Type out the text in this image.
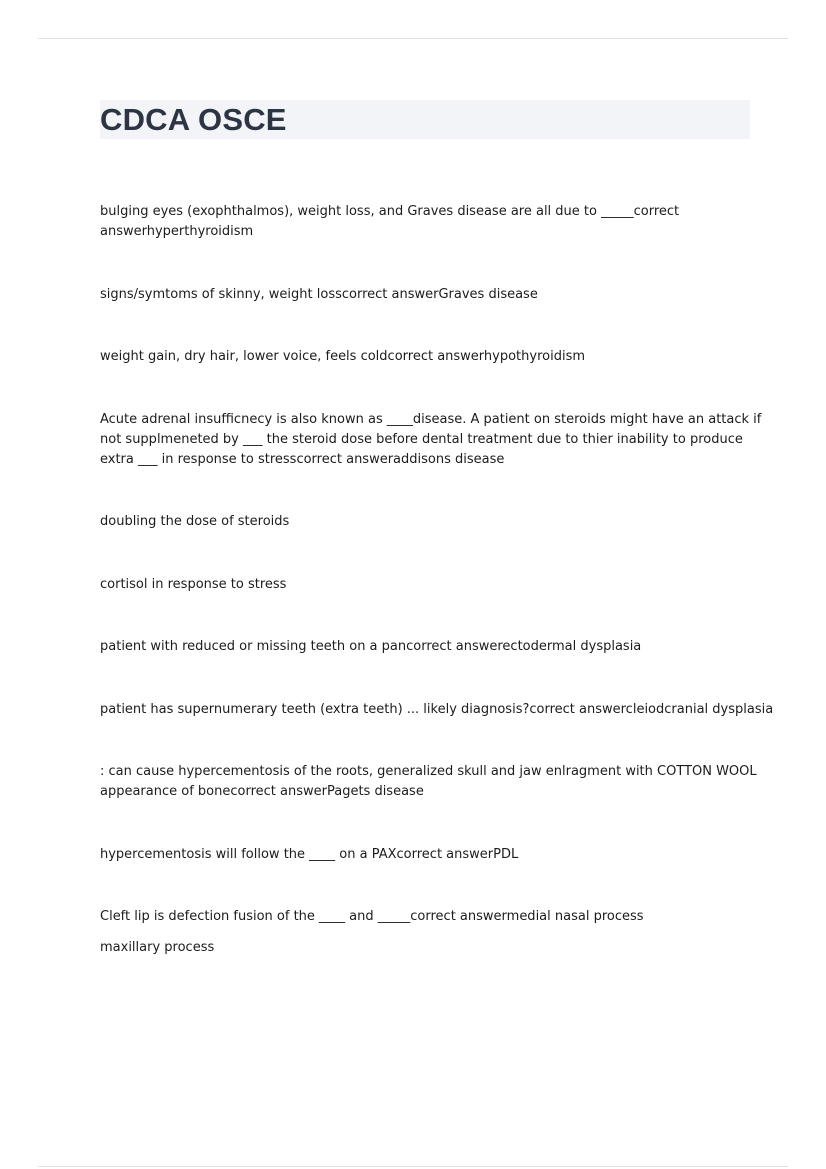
CDCA OSCE

bulging eyes (exophthalmos), weight loss, and Graves disease are all due to _____correct
answerhyperthyroidism

signs/symtoms of skinny, weight losscorrect answerGraves disease

weight gain, dry hair, lower voice, feels coldcorrect answerhypothyroidism

Acute adrenal insufficnecy is also known as ____disease. A patient on steroids might have an attack if
not supplmeneted by ___ the steroid dose before dental treatment due to thier inability to produce
extra ___ in response to stresscorrect answeraddisons disease

doubling the dose of steroids

cortisol in response to stress

patient with reduced or missing teeth on a pancorrect answerectodermal dysplasia

patient has supernumerary teeth (extra teeth) ... likely diagnosis?correct answercleiodcranial dysplasia

: can cause hypercementosis of the roots, generalized skull and jaw enlragment with COTTON WOOL
appearance of bonecorrect answerPagets disease

hypercementosis will follow the ____ on a PAXcorrect answerPDL

Cleft lip is defection fusion of the ____ and _____correct answermedial nasal process

maxillary process
